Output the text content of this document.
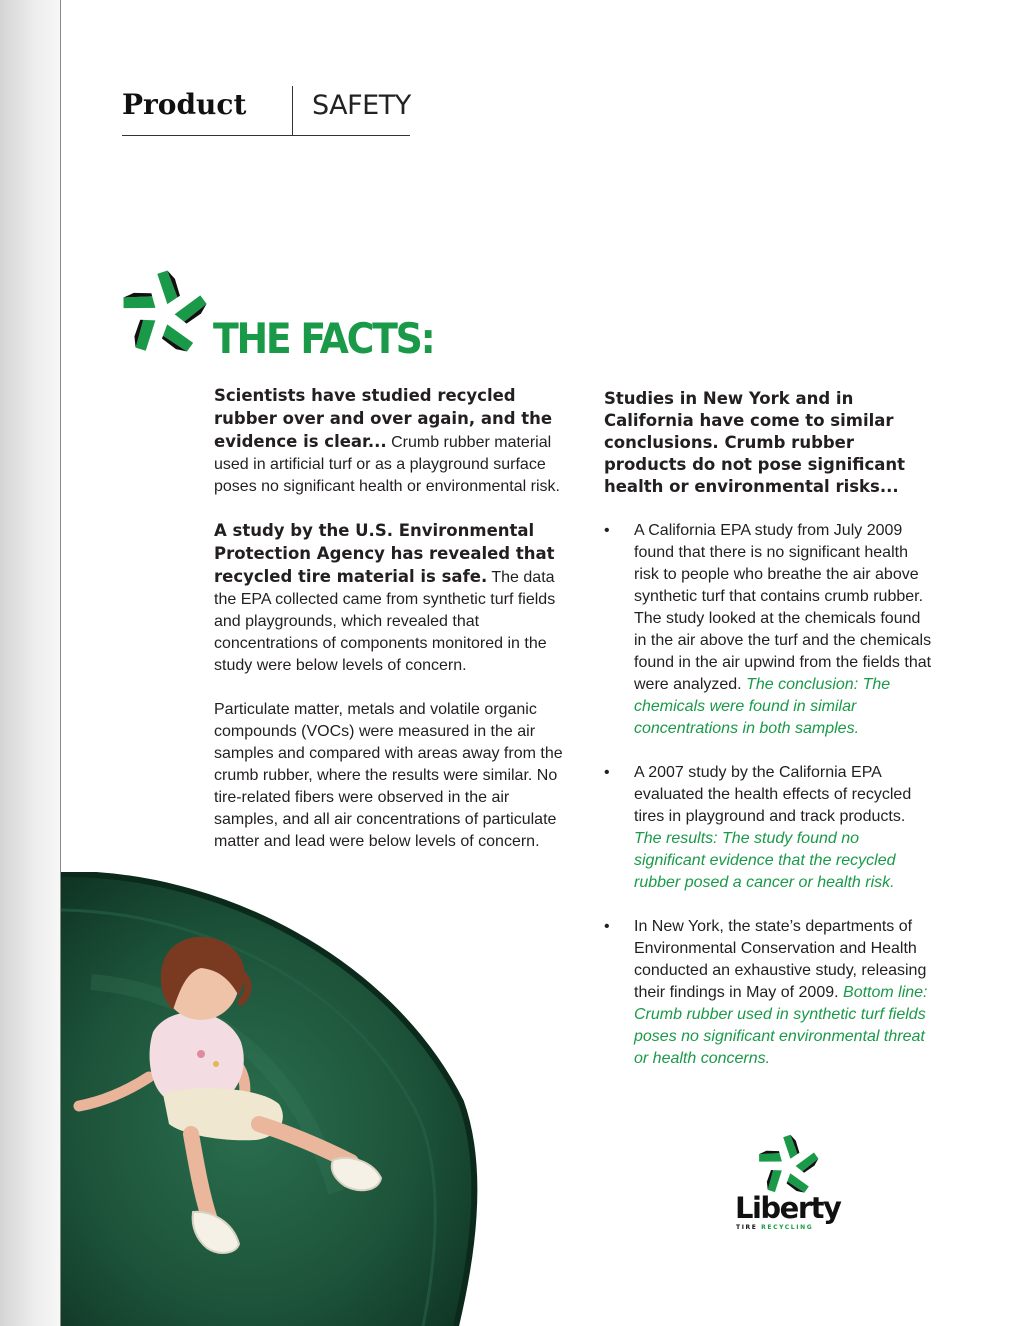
Product SAFETY
THE FACTS:

Scientists have studied recycled rubber over and over again, and the evidence is clear... Crumb rubber material used in artificial turf or as a playground surface poses no significant health or environmental risk.

A study by the U.S. Environmental Protection Agency has revealed that recycled tire material is safe. The data the EPA collected came from synthetic turf fields and playgrounds, which revealed that concentrations of components monitored in the study were below levels of concern.

Particulate matter, metals and volatile organic compounds (VOCs) were measured in the air samples and compared with areas away from the crumb rubber, where the results were similar. No tire-related fibers were observed in the air samples, and all air concentrations of particulate matter and lead were below levels of concern.

Studies in New York and in California have come to similar conclusions. Crumb rubber products do not pose significant health or environmental risks...
• A California EPA study from July 2009 found that there is no significant health risk to people who breathe the air above synthetic turf that contains crumb rubber. The study looked at the chemicals found in the air above the turf and the chemicals found in the air upwind from the fields that were analyzed. The conclusion: The chemicals were found in similar concentrations in both samples.
• A 2007 study by the California EPA evaluated the health effects of recycled tires in playground and track products. The results: The study found no significant evidence that the recycled rubber posed a cancer or health risk.
• In New York, the state’s departments of Environmental Conservation and Health conducted an exhaustive study, releasing their findings in May of 2009. Bottom line: Crumb rubber used in synthetic turf fields poses no significant environmental threat or health concerns.
Liberty
TIRE RECYCLING
